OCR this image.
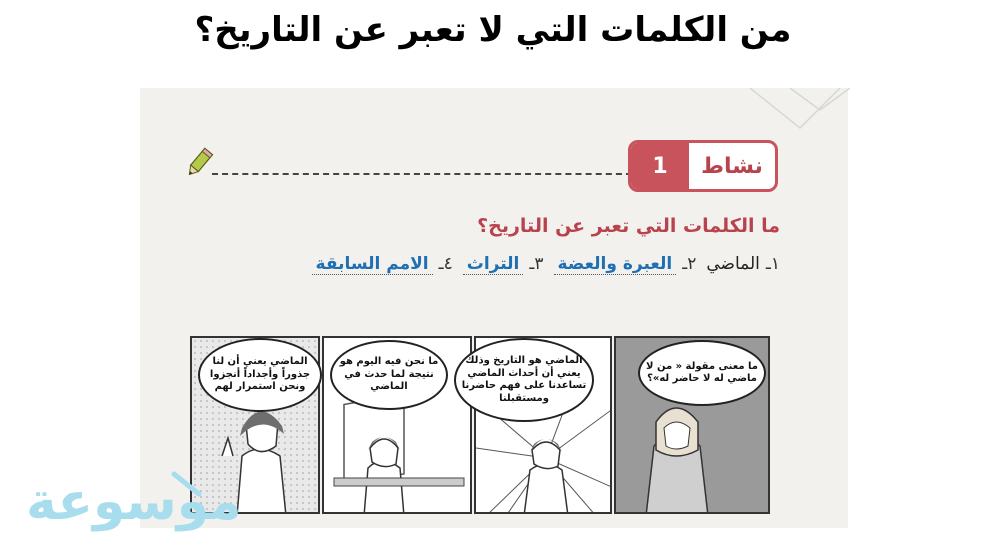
من الكلمات التي لا تعبر عن التاريخ؟
1	نشاط
ما الكلمات التي تعبر عن التاريخ؟
١ـ
الماضي
٢ـ
العبرة والعضة
٣ـ
التراث
٤ـ
الامم السابقة
الماضي يعني أن لنا جذوراً وأجداداً أنجزوا ونحن استمرار لهم
ما نحن فيه اليوم هو نتيجة لما حدث في الماضي
الماضي هو التاريخ وذلك يعني أن أحداث الماضي تساعدنا على فهم حاضرنا ومستقبلنا
ما معنى مقولة « من لا ماضي له لا حاضر له»؟
موسوعة
